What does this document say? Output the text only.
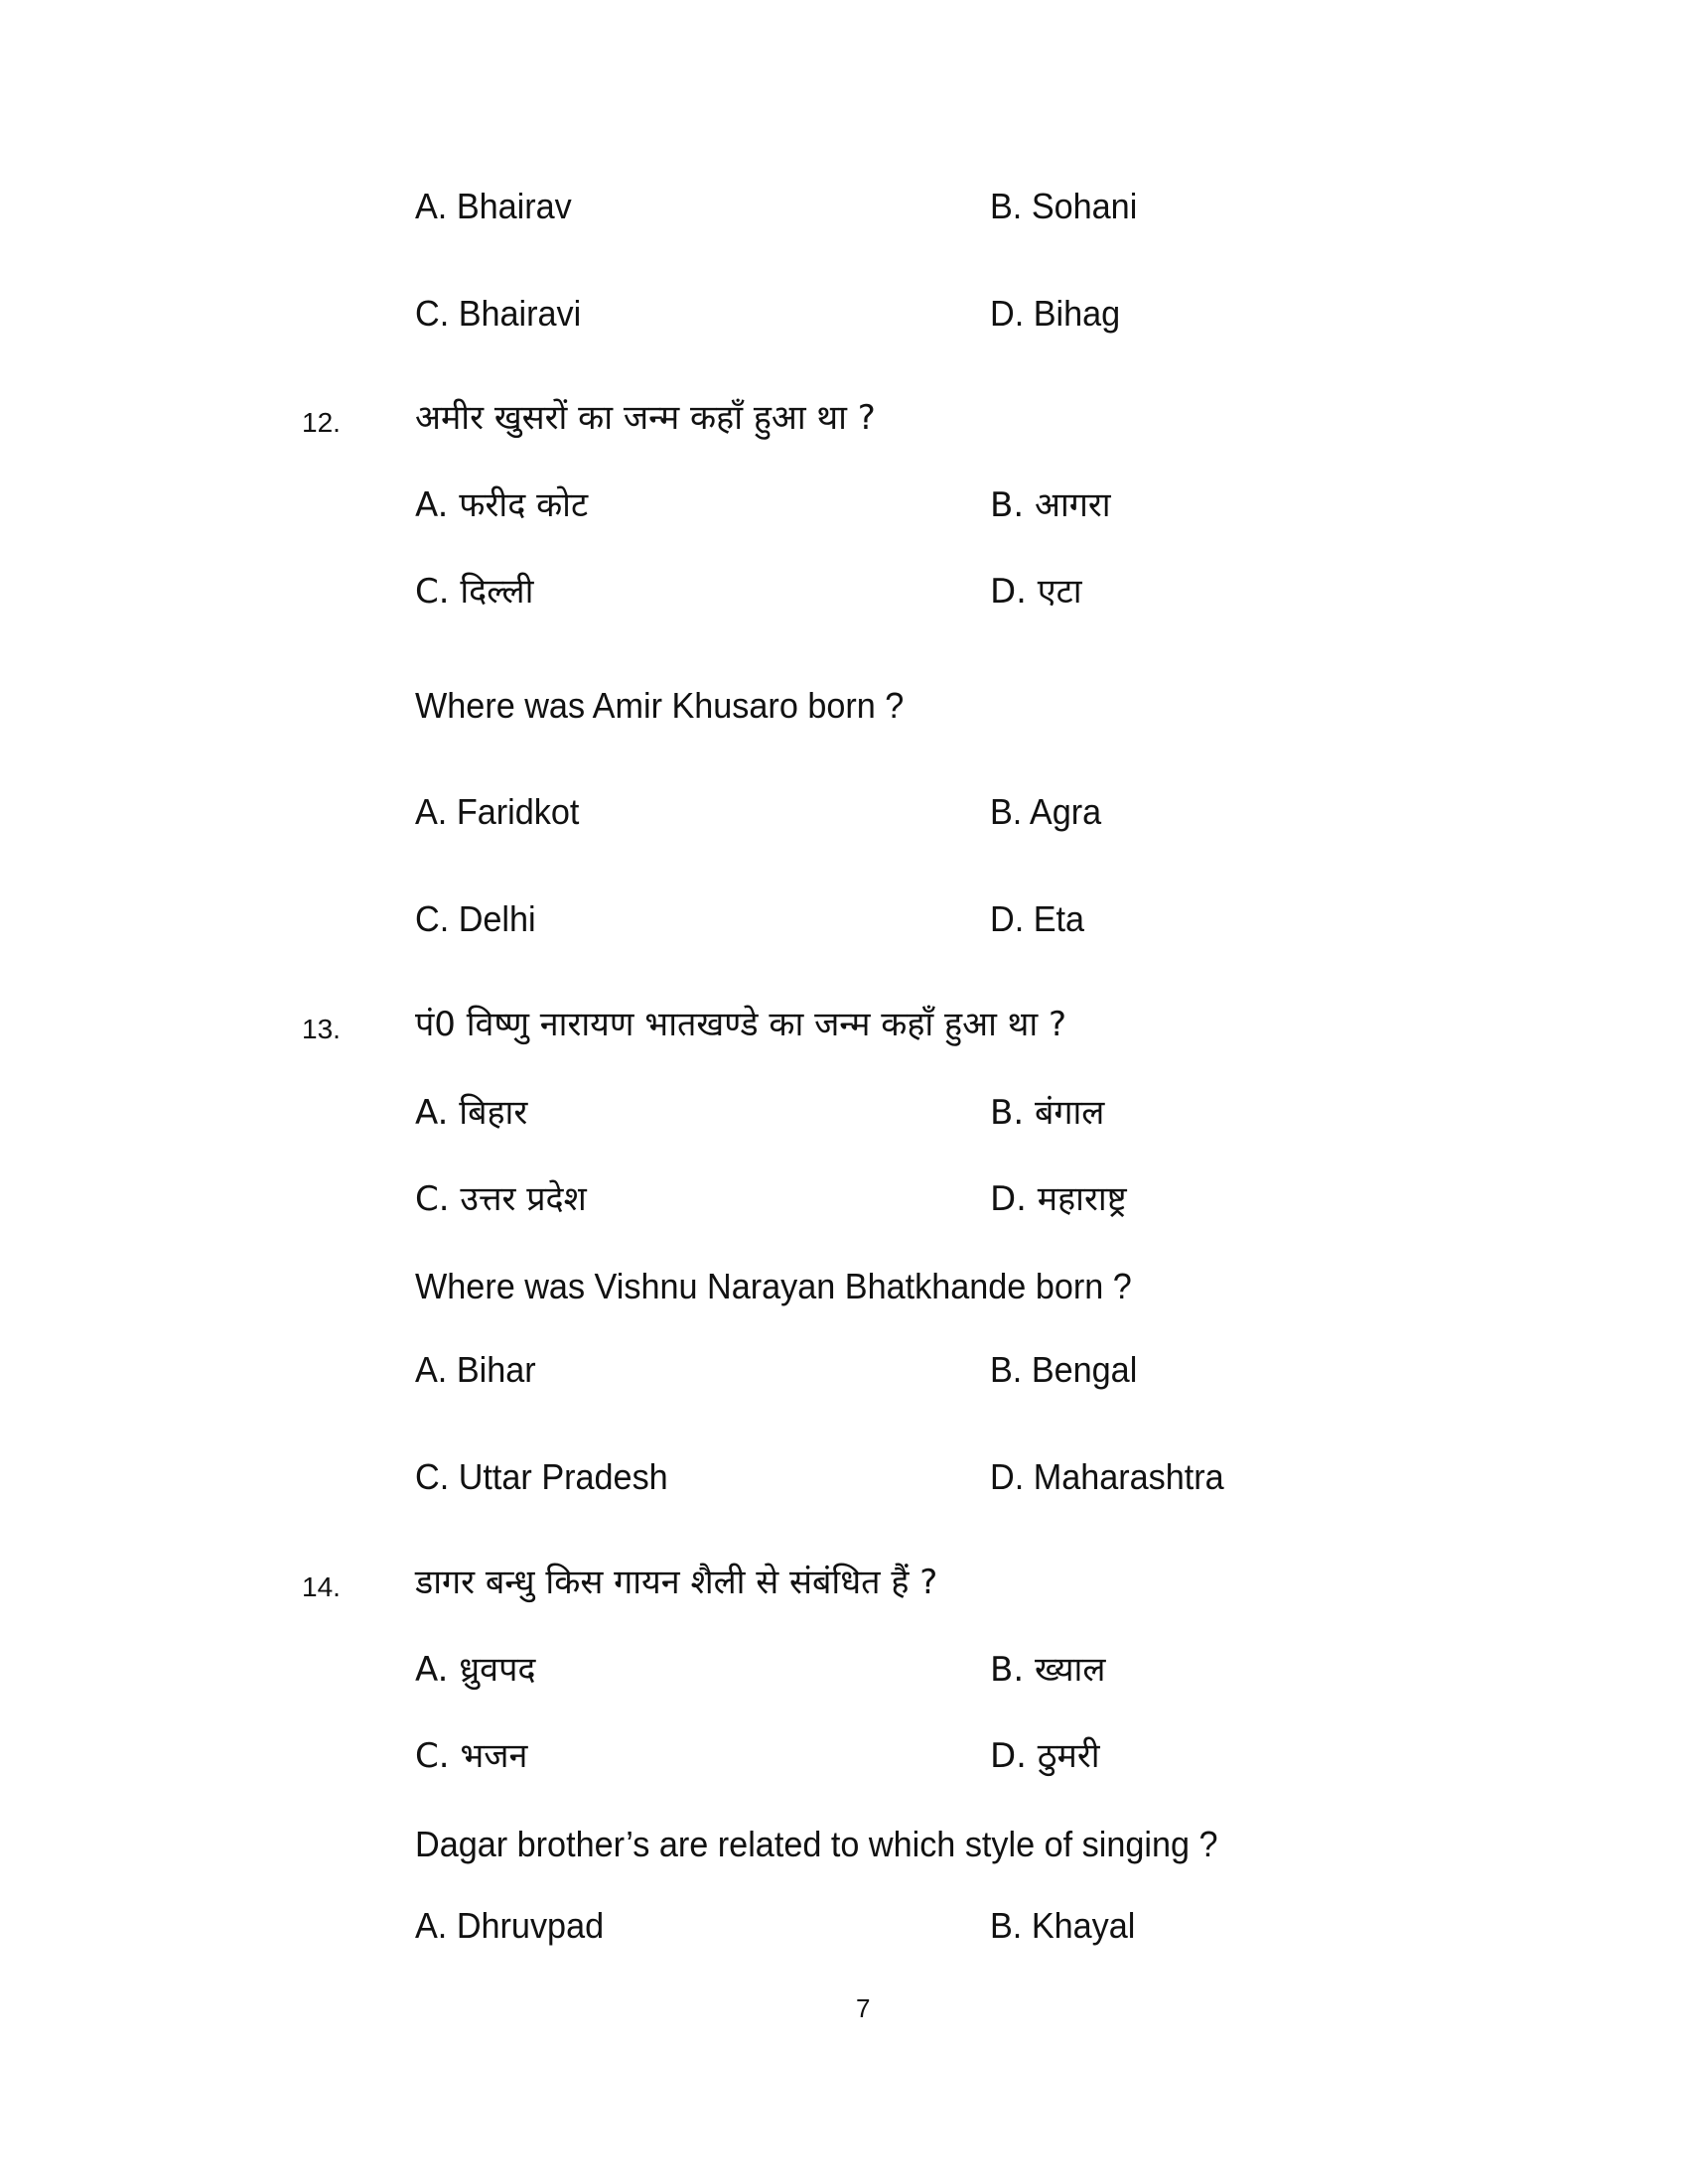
A. Bhairav	B. Sohani
C. Bhairavi	D. Bihag
12. अमीर खुसरों का जन्म कहाँ हुआ था ?
A. फरीद कोट	B. आगरा
C. दिल्ली	D. एटा
Where was Amir Khusaro born ?
A. Faridkot	B. Agra
C. Delhi	D. Eta
13. पं0 विष्णु नारायण भातखण्डे का जन्म कहाँ हुआ था ?
A. बिहार	B. बंगाल
C. उत्तर प्रदेश	D. महाराष्ट्र
Where was Vishnu Narayan Bhatkhande born ?
A. Bihar	B. Bengal
C. Uttar Pradesh	D. Maharashtra
14. डागर बन्धु किस गायन शैली से संबंधित हैं ?
A. ध्रुवपद	B. ख्याल
C. भजन	D. ठुमरी
Dagar brother’s are related to which style of singing ?
A. Dhruvpad	B. Khayal
7
